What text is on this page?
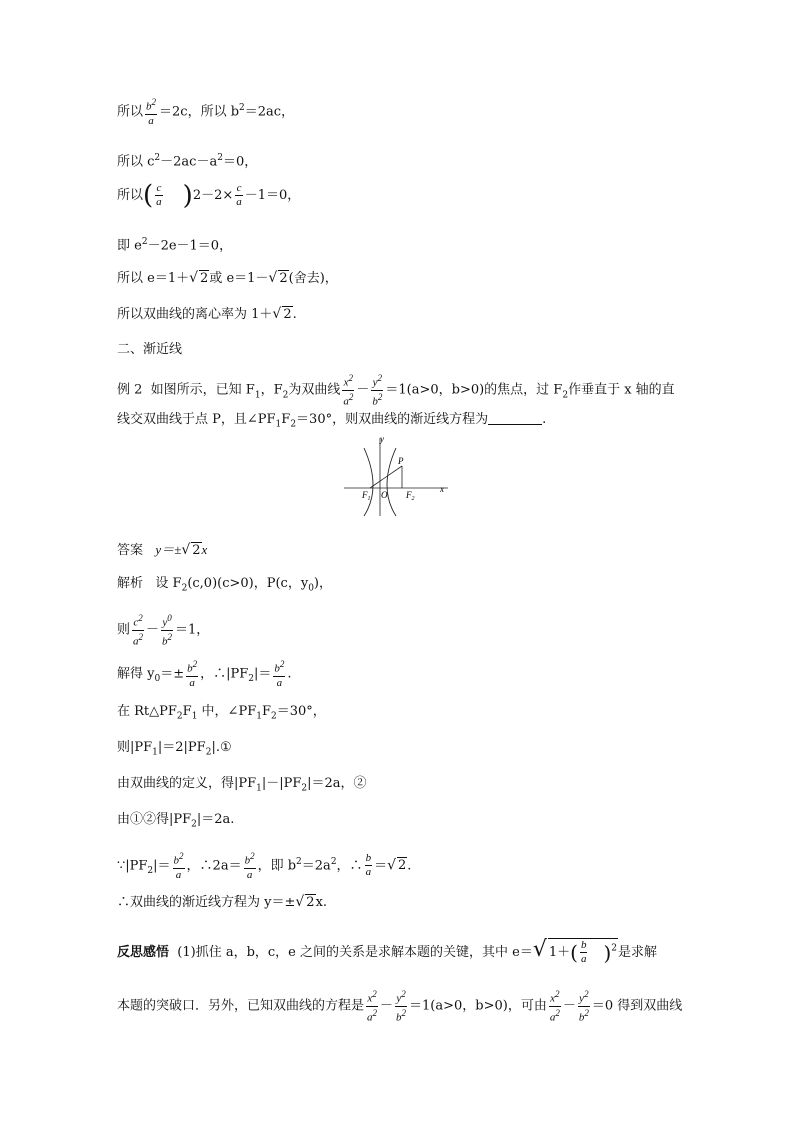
所以 $\frac{b^2}{a} =2c$，所以 $b^2=2ac$，
所以 $c^2-2ac-a^2=0$，
所以( $\frac{c}{a} )2-2\times \frac{c}{a} -1=0$，
即 $e^2-2e-1=0$，
所以 e＝1＋√ 2或 e＝1－√ 2(舍去)，
所以双曲线的离心率为 1＋√ 2.
二、渐近线
例 2 如图所示，已知 $F_1$，$F_2$为双曲线 $\frac{x^2}{a^2} - \frac{y^2}{b^2} =1(a>0$，b>0)的焦点，过 $F_2$作垂直于 x 轴的直
线交双曲线于点 P，且$\angle PF_1F_2=30^\circ$，则双曲线的渐近线方程为	.
y
x
P
O
$F_1$	$F_2$
答案 y＝±√ 2x
解析 设 $F_2(c,0)(c>0)$，P(c，$y_0$)，
则 $\frac{c^2}{a^2} - \frac{y^0}{b^2} =1$，
解得 $y_0=\pm \frac{b^2}{a}$ ，$\therefore|PF_2|= \frac{b^2}{a}$ .
在 $Rt\triangle PF_2F_1$ 中，$\angle PF_1F_2=30^\circ$，
则$|PF_1|=2|PF_2|.①$
由双曲线的定义，得$|PF_1|-|PF_2|=2a$，②
由①②得$|PF_2|=2a$.
$\because|PF_2|= \frac{b^2}{a}$ ，∴2a＝ $\frac{b^2}{a}$ ，即 $b^2=2a^2$，∴ $\frac{b}{a}$ ＝√ 2.
∴双曲线的渐近线方程为 y＝±√ 2x.
反思感悟 (1)抓住 a，b，c，e 之间的关系是求解本题的关键，其中 e＝√ $1+( \frac{b}{a} )^2$是求解
本题的突破口．另外，已知双曲线的方程是 $\frac{x^2}{a^2} - \frac{y^2}{b^2} =1(a>0$，b>0)，可由 $\frac{x^2}{a^2} - \frac{y^2}{b^2} =0$ 得到双曲线
